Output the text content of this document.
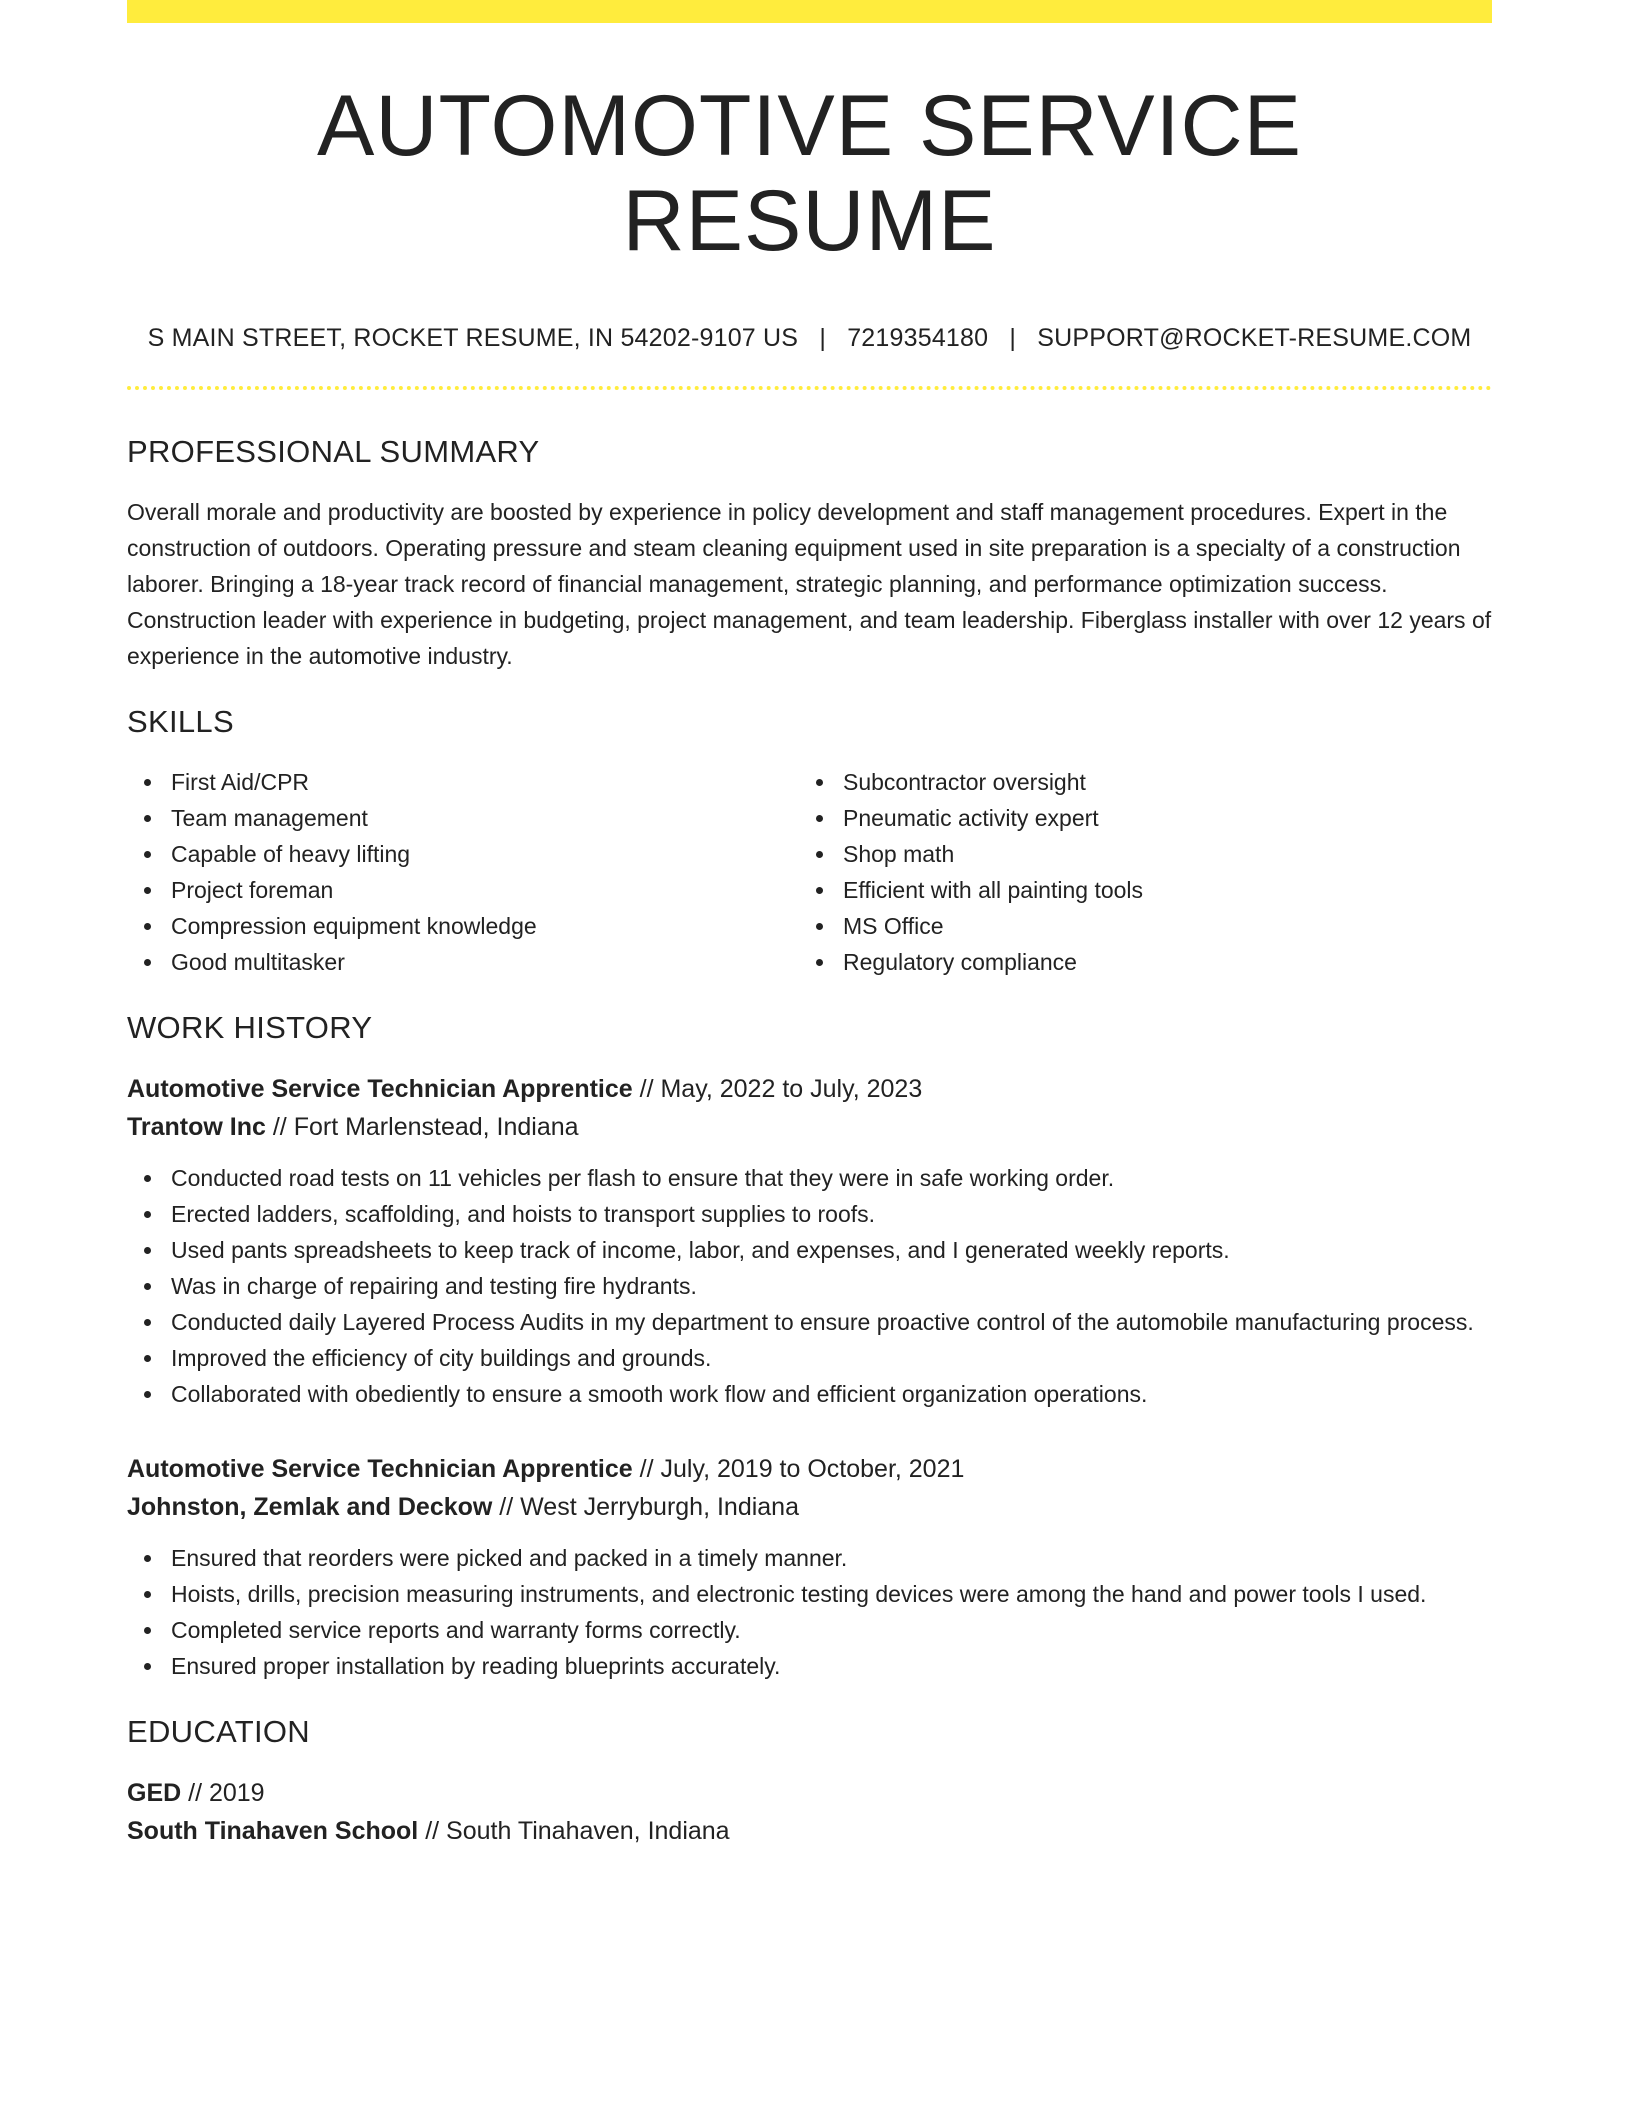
AUTOMOTIVE SERVICE RESUME
S MAIN STREET, ROCKET RESUME, IN 54202-9107 US | 7219354180 | SUPPORT@ROCKET-RESUME.COM
PROFESSIONAL SUMMARY
Overall morale and productivity are boosted by experience in policy development and staff management procedures. Expert in the construction of outdoors. Operating pressure and steam cleaning equipment used in site preparation is a specialty of a construction laborer. Bringing a 18-year track record of financial management, strategic planning, and performance optimization success. Construction leader with experience in budgeting, project management, and team leadership. Fiberglass installer with over 12 years of experience in the automotive industry.
SKILLS
First Aid/CPR
Team management
Capable of heavy lifting
Project foreman
Compression equipment knowledge
Good multitasker
Subcontractor oversight
Pneumatic activity expert
Shop math
Efficient with all painting tools
MS Office
Regulatory compliance
WORK HISTORY
Automotive Service Technician Apprentice // May, 2022 to July, 2023
Trantow Inc // Fort Marlenstead, Indiana
Conducted road tests on 11 vehicles per flash to ensure that they were in safe working order.
Erected ladders, scaffolding, and hoists to transport supplies to roofs.
Used pants spreadsheets to keep track of income, labor, and expenses, and I generated weekly reports.
Was in charge of repairing and testing fire hydrants.
Conducted daily Layered Process Audits in my department to ensure proactive control of the automobile manufacturing process.
Improved the efficiency of city buildings and grounds.
Collaborated with obediently to ensure a smooth work flow and efficient organization operations.
Automotive Service Technician Apprentice // July, 2019 to October, 2021
Johnston, Zemlak and Deckow // West Jerryburgh, Indiana
Ensured that reorders were picked and packed in a timely manner.
Hoists, drills, precision measuring instruments, and electronic testing devices were among the hand and power tools I used.
Completed service reports and warranty forms correctly.
Ensured proper installation by reading blueprints accurately.
EDUCATION
GED // 2019
South Tinahaven School // South Tinahaven, Indiana
